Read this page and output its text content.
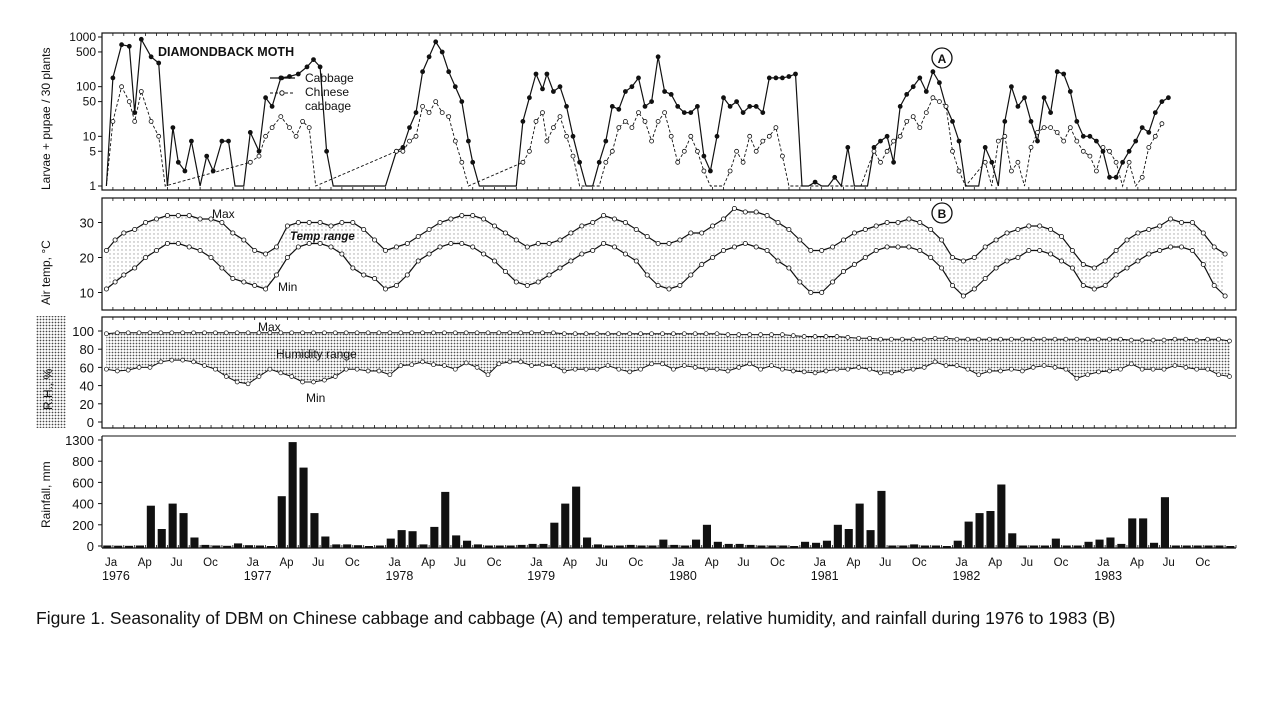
1
5
10
50
100
500
1000
DIAMONDBACK MOTH
Larvae + pupae / 30 plants	Cabbage
Chinese
cabbage
A
10
20
30
Air temp, °C
Max
Min
Temp range
B
0
20
40
60
80
100
R.H., %
Max
Humidity range
Min
0
200
400
600
800
1300
Rainfall, mm
Ja Ap Ju Oc
1976
Ja Ap Ju Oc
1977
Ja Ap Ju Oc
1978
Ja Ap Ju Oc
1979
Ja Ap Ju Oc
1980
Ja Ap Ju Oc
1981
Ja Ap Ju Oc
1982
Ja Ap Ju Oc
1983
Figure 1. Seasonality of DBM on Chinese cabbage and cabbage (A) and temperature, relative humidity, and rainfall during 1976 to 1983 (B)
